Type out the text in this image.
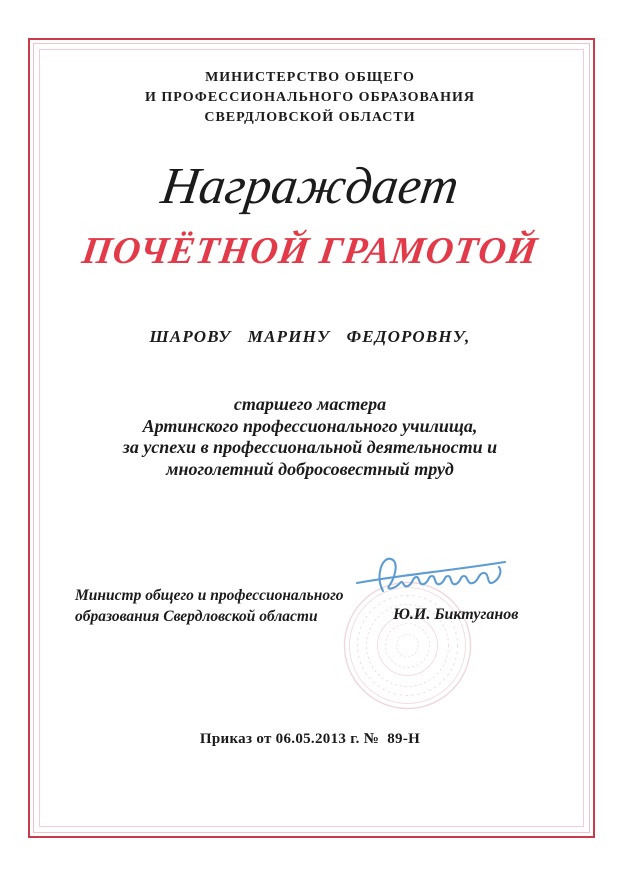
МИНИСТЕРСТВО ОБЩЕГО
И ПРОФЕССИОНАЛЬНОГО ОБРАЗОВАНИЯ
СВЕРДЛОВСКОЙ ОБЛАСТИ
Награждает
ПОЧЁТНОЙ ГРАМОТОЙ
ШАРОВУ МАРИНУ ФЕДОРОВНУ,
старшего мастера
Артинского профессионального училища,
за успехи в профессиональной деятельности и
многолетний добросовестный труд
Министр общего и профессионального
образования Свердловской области	Ю.И. Биктуганов
Приказ от 06.05.2013 г. №  89-Н
